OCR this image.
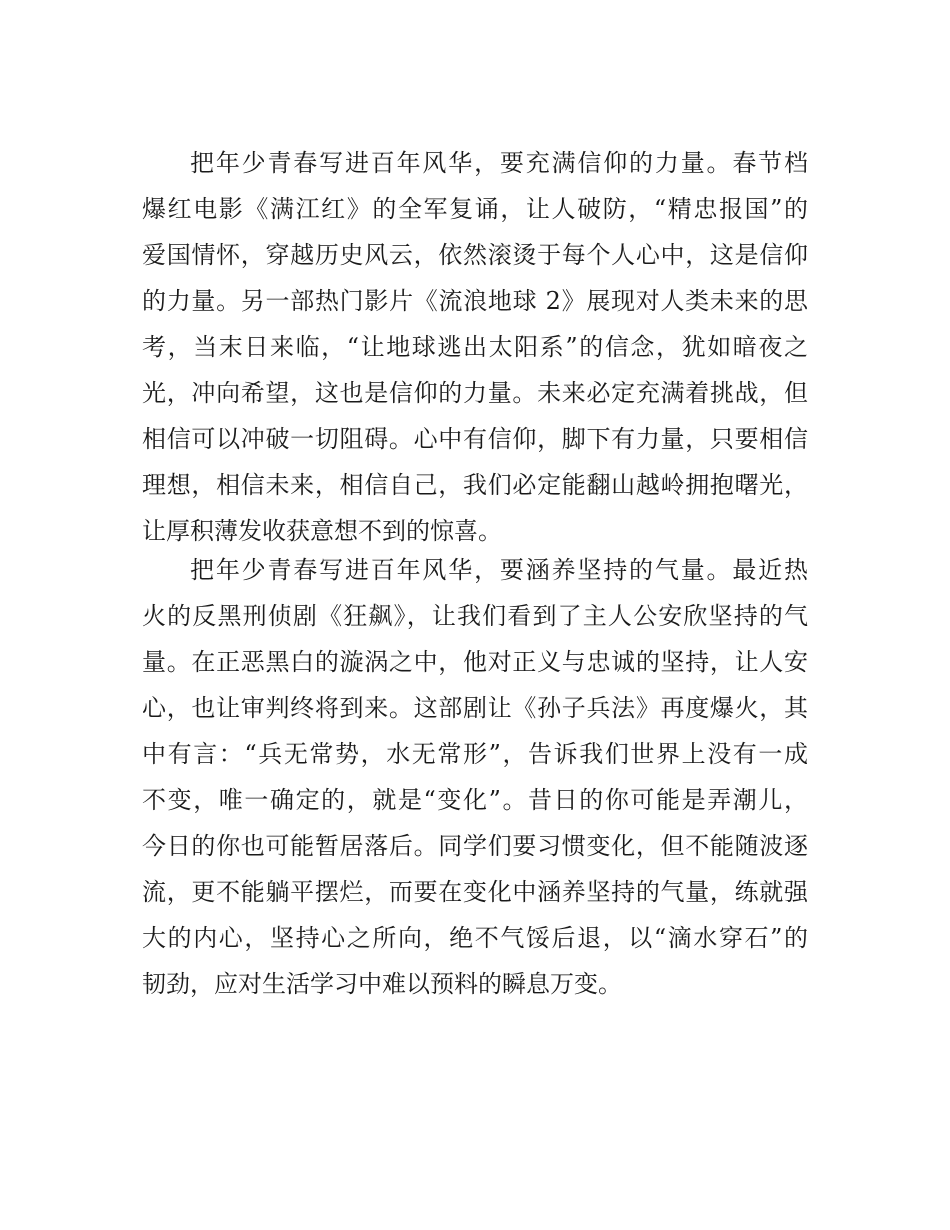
把年少青春写进百年风华，要充满信仰的力量。春节档
爆红电影《满江红》的全军复诵，让人破防，“精忠报国”的
爱国情怀，穿越历史风云，依然滚烫于每个人心中，这是信仰
的力量。另一部热门影片《流浪地球 2》展现对人类未来的思
考，当末日来临，“让地球逃出太阳系”的信念，犹如暗夜之
光，冲向希望，这也是信仰的力量。未来必定充满着挑战，但
相信可以冲破一切阻碍。心中有信仰，脚下有力量，只要相信
理想，相信未来，相信自己，我们必定能翻山越岭拥抱曙光，
让厚积薄发收获意想不到的惊喜。
把年少青春写进百年风华，要涵养坚持的气量。最近热
火的反黑刑侦剧《狂飙》，让我们看到了主人公安欣坚持的气
量。在正恶黑白的漩涡之中，他对正义与忠诚的坚持，让人安
心，也让审判终将到来。这部剧让《孙子兵法》再度爆火，其
中有言：“兵无常势，水无常形”，告诉我们世界上没有一成
不变，唯一确定的，就是“变化”。昔日的你可能是弄潮儿，
今日的你也可能暂居落后。同学们要习惯变化，但不能随波逐
流，更不能躺平摆烂，而要在变化中涵养坚持的气量，练就强
大的内心，坚持心之所向，绝不气馁后退，以“滴水穿石”的
韧劲，应对生活学习中难以预料的瞬息万变。
